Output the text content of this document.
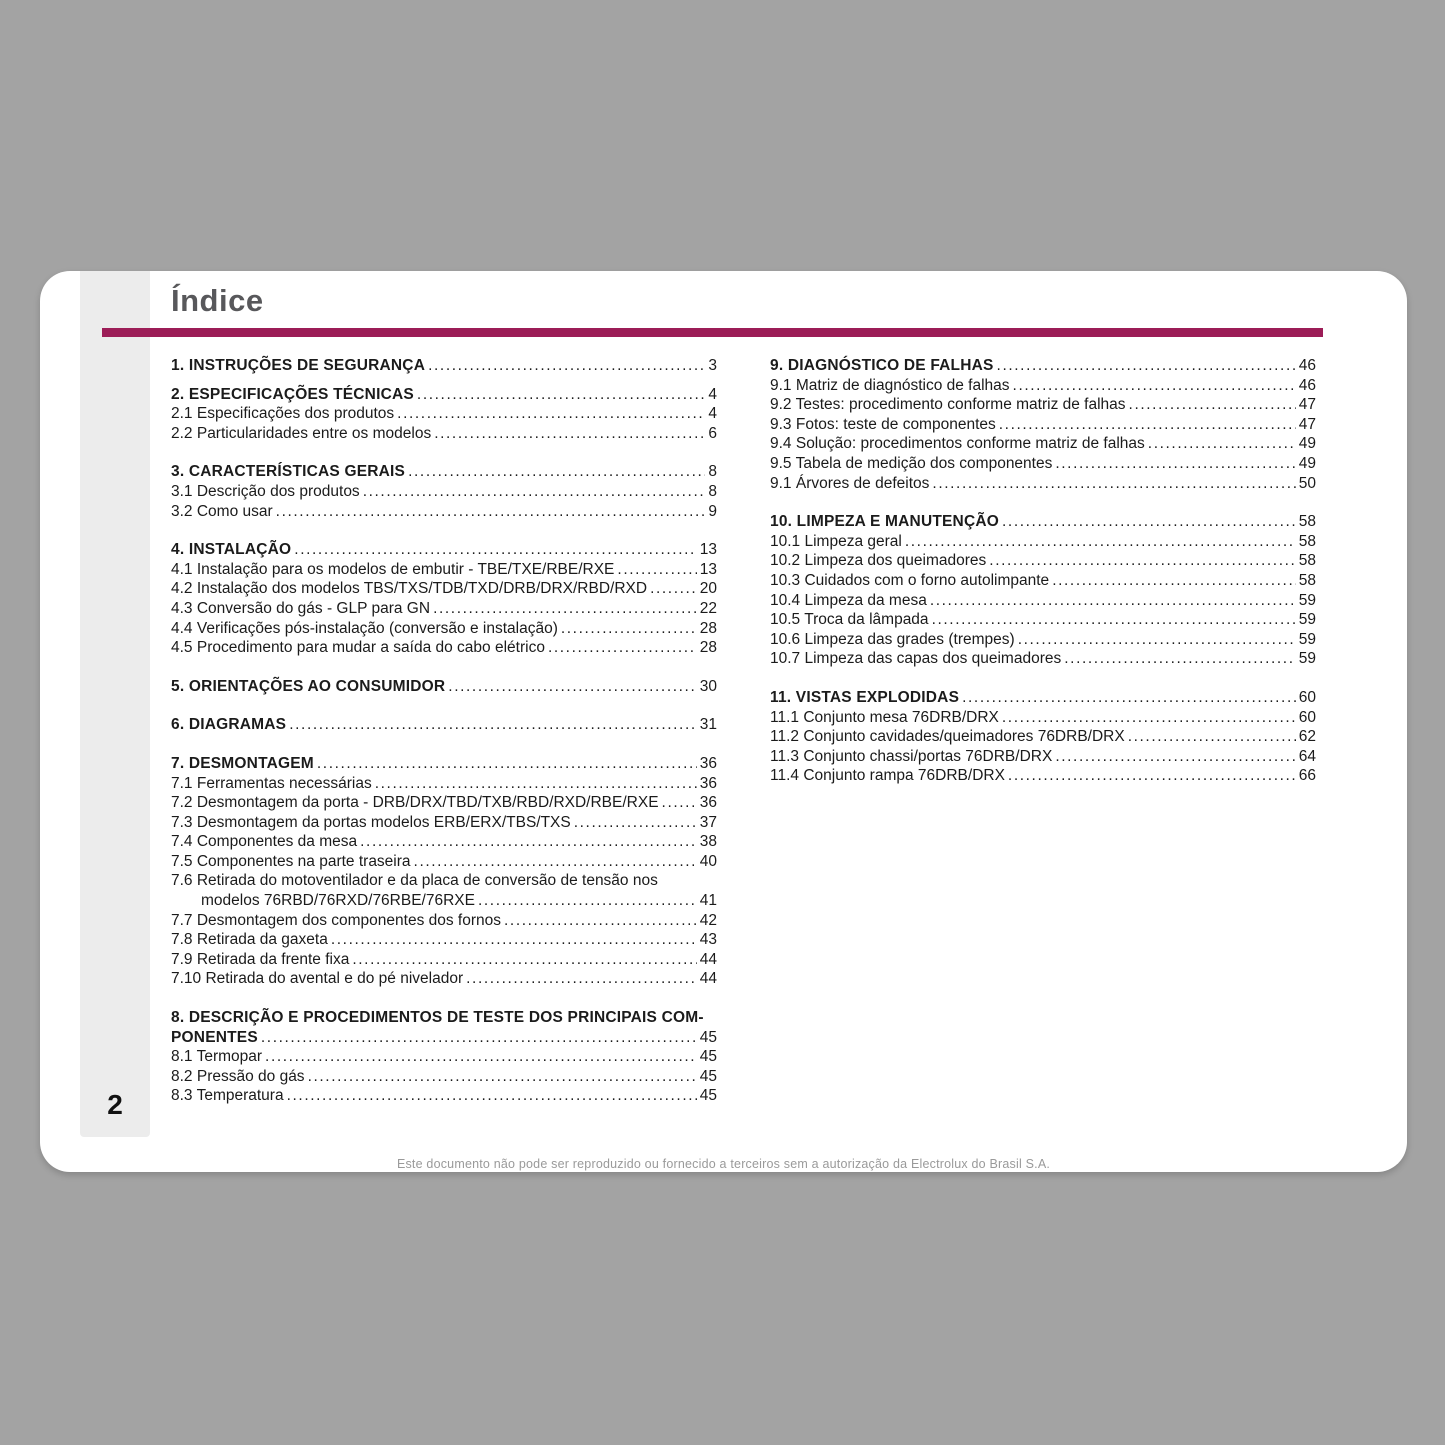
Índice
1. INSTRUÇÕES DE SEGURANÇA .....	3
2. ESPECIFICAÇÕES TÉCNICAS .....	4
2.1 Especificações dos produtos .....	4
2.2 Particularidades entre os modelos .....	6
3. CARACTERÍSTICAS GERAIS .....	8
3.1 Descrição dos produtos .....	8
3.2 Como usar .....	9
4. INSTALAÇÃO .....	13
4.1 Instalação para os modelos de embutir - TBE/TXE/RBE/RXE .....	13
4.2 Instalação dos modelos TBS/TXS/TDB/TXD/DRB/DRX/RBD/RXD .....	20
4.3 Conversão do gás - GLP para GN .....	22
4.4 Verificações pós-instalação (conversão e instalação) .....	28
4.5 Procedimento para mudar a saída do cabo elétrico .....	28
5. ORIENTAÇÕES AO CONSUMIDOR .....	30
6. DIAGRAMAS .....	31
7. DESMONTAGEM .....	36
7.1 Ferramentas necessárias .....	36
7.2 Desmontagem da porta - DRB/DRX/TBD/TXB/RBD/RXD/RBE/RXE .....	36
7.3 Desmontagem da portas modelos ERB/ERX/TBS/TXS .....	37
7.4 Componentes da mesa .....	38
7.5 Componentes na parte traseira .....	40
7.6 Retirada do motoventilador e da placa de conversão de tensão nos
modelos 76RBD/76RXD/76RBE/76RXE .....	41
7.7 Desmontagem dos componentes dos fornos .....	42
7.8 Retirada da gaxeta .....	43
7.9 Retirada da frente fixa .....	44
7.10 Retirada do avental e do pé nivelador .....	44
8. DESCRIÇÃO E PROCEDIMENTOS DE TESTE DOS PRINCIPAIS COM-
PONENTES .....	45
8.1 Termopar .....	45
8.2 Pressão do gás .....	45
8.3 Temperatura .....	45
9. DIAGNÓSTICO DE FALHAS .....	46
9.1 Matriz de diagnóstico de falhas .....	46
9.2 Testes: procedimento conforme matriz de falhas .....	47
9.3 Fotos: teste de componentes .....	47
9.4 Solução: procedimentos conforme matriz de falhas .....	49
9.5 Tabela de medição dos componentes .....	49
9.1 Árvores de defeitos .....	50
10. LIMPEZA E MANUTENÇÃO .....	58
10.1 Limpeza geral .....	58
10.2 Limpeza dos queimadores .....	58
10.3 Cuidados com o forno autolimpante .....	58
10.4 Limpeza da mesa .....	59
10.5 Troca da lâmpada .....	59
10.6 Limpeza das grades (trempes) .....	59
10.7 Limpeza das capas dos queimadores .....	59
11. VISTAS EXPLODIDAS .....	60
11.1 Conjunto mesa 76DRB/DRX .....	60
11.2 Conjunto cavidades/queimadores 76DRB/DRX .....	62
11.3 Conjunto chassi/portas 76DRB/DRX .....	64
11.4 Conjunto rampa 76DRB/DRX .....	66
2
Este documento não pode ser reproduzido ou fornecido a terceiros sem a autorização da Electrolux do Brasil S.A.
